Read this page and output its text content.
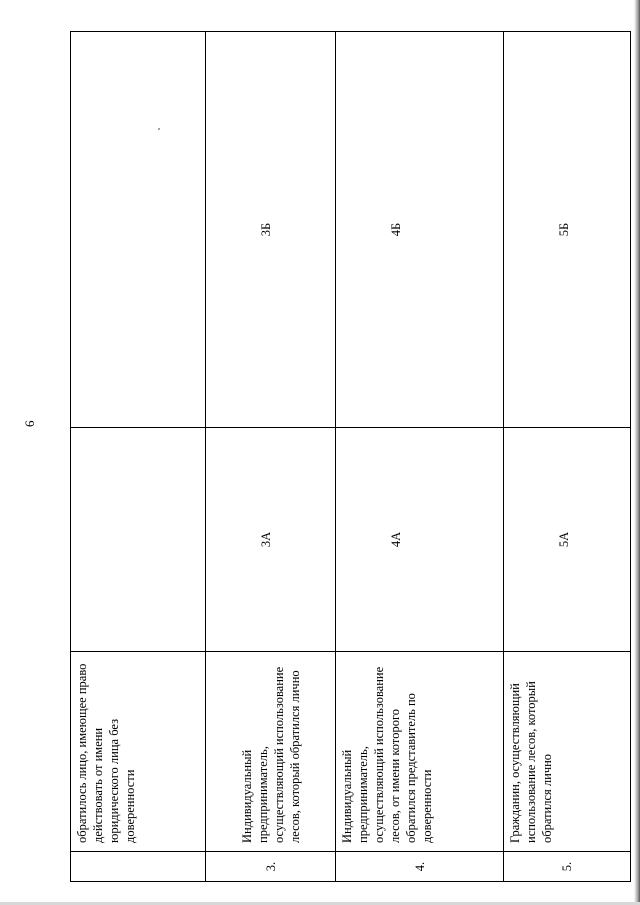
6
	обратилось лицо, имеющее право действовать от имени юридического лица без доверенности	

3.	Индивидуальный предприниматель, осуществляющий использование лесов, который обратился лично	3А	3Б

4.	Индивидуальный предприниматель, осуществляющий использование лесов, от имени которого обратился представитель по доверенности	4А	4Б

5.	Гражданин, осуществляющий использование лесов, который обратился лично	5А	5Б
